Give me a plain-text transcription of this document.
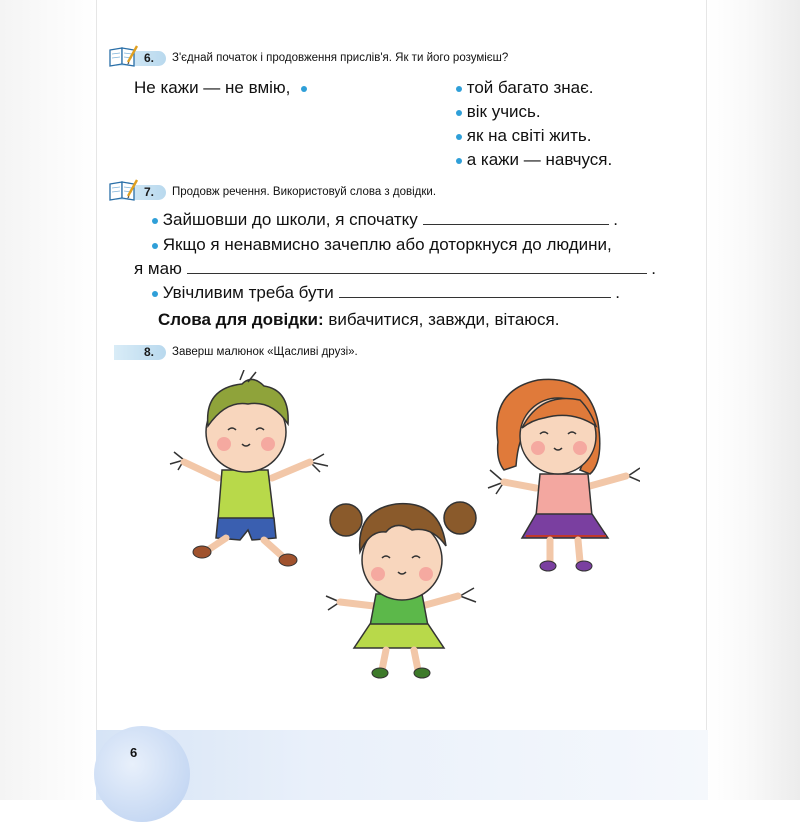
6. З'єднай початок і продовження прислів'я. Як ти його розумієш?
Не кажи — не вмію,	той багато знає.
вік учись.
як на світі жить.
а кажи — навчуся.
7. Продовж речення. Використовуй слова з довідки.
Зайшовши до школи, я спочатку	.
Якщо я ненавмисно зачеплю або доторкнуся до людини,
я маю	.
Увічливим треба бути	.
Слова для довідки: вибачитися, завжди, вітаюся.
8. Заверш малюнок «Щасливі друзі».
6
